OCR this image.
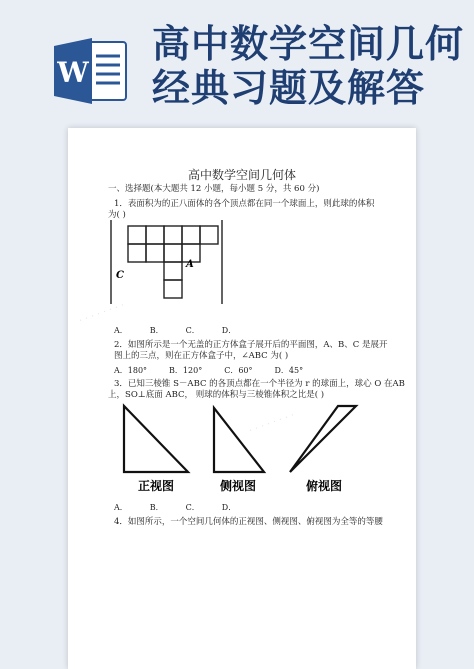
W
高中数学空间几何
经典习题及解答
· · · · · · · ·
· · · · · · · ·
高中数学空间几何体
一、选择题(本大题共 12 小题，每小题 5 分，共 60 分)
1．表面积为的正八面体的各个顶点都在同一个球面上，则此球的体积
为( )
C
A
A．	B．	C．	D．
2．如图所示是一个无盖的正方体盒子展开后的平面图，A、B、C 是展开
图上的三点，则在正方体盒子中，∠ABC 为( )
A．180°	B．120°	C．60°	D．45°
3．已知三棱锥 S－ABC 的各顶点都在一个半径为 r 的球面上，球心 O 在AB
上，SO⊥底面 ABC， 则球的体积与三棱锥体积之比是( )
正视图	侧视图	俯视图
A．	B．	C．	D．
4．如图所示，一个空间几何体的正视图、侧视图、俯视图为全等的等腰
